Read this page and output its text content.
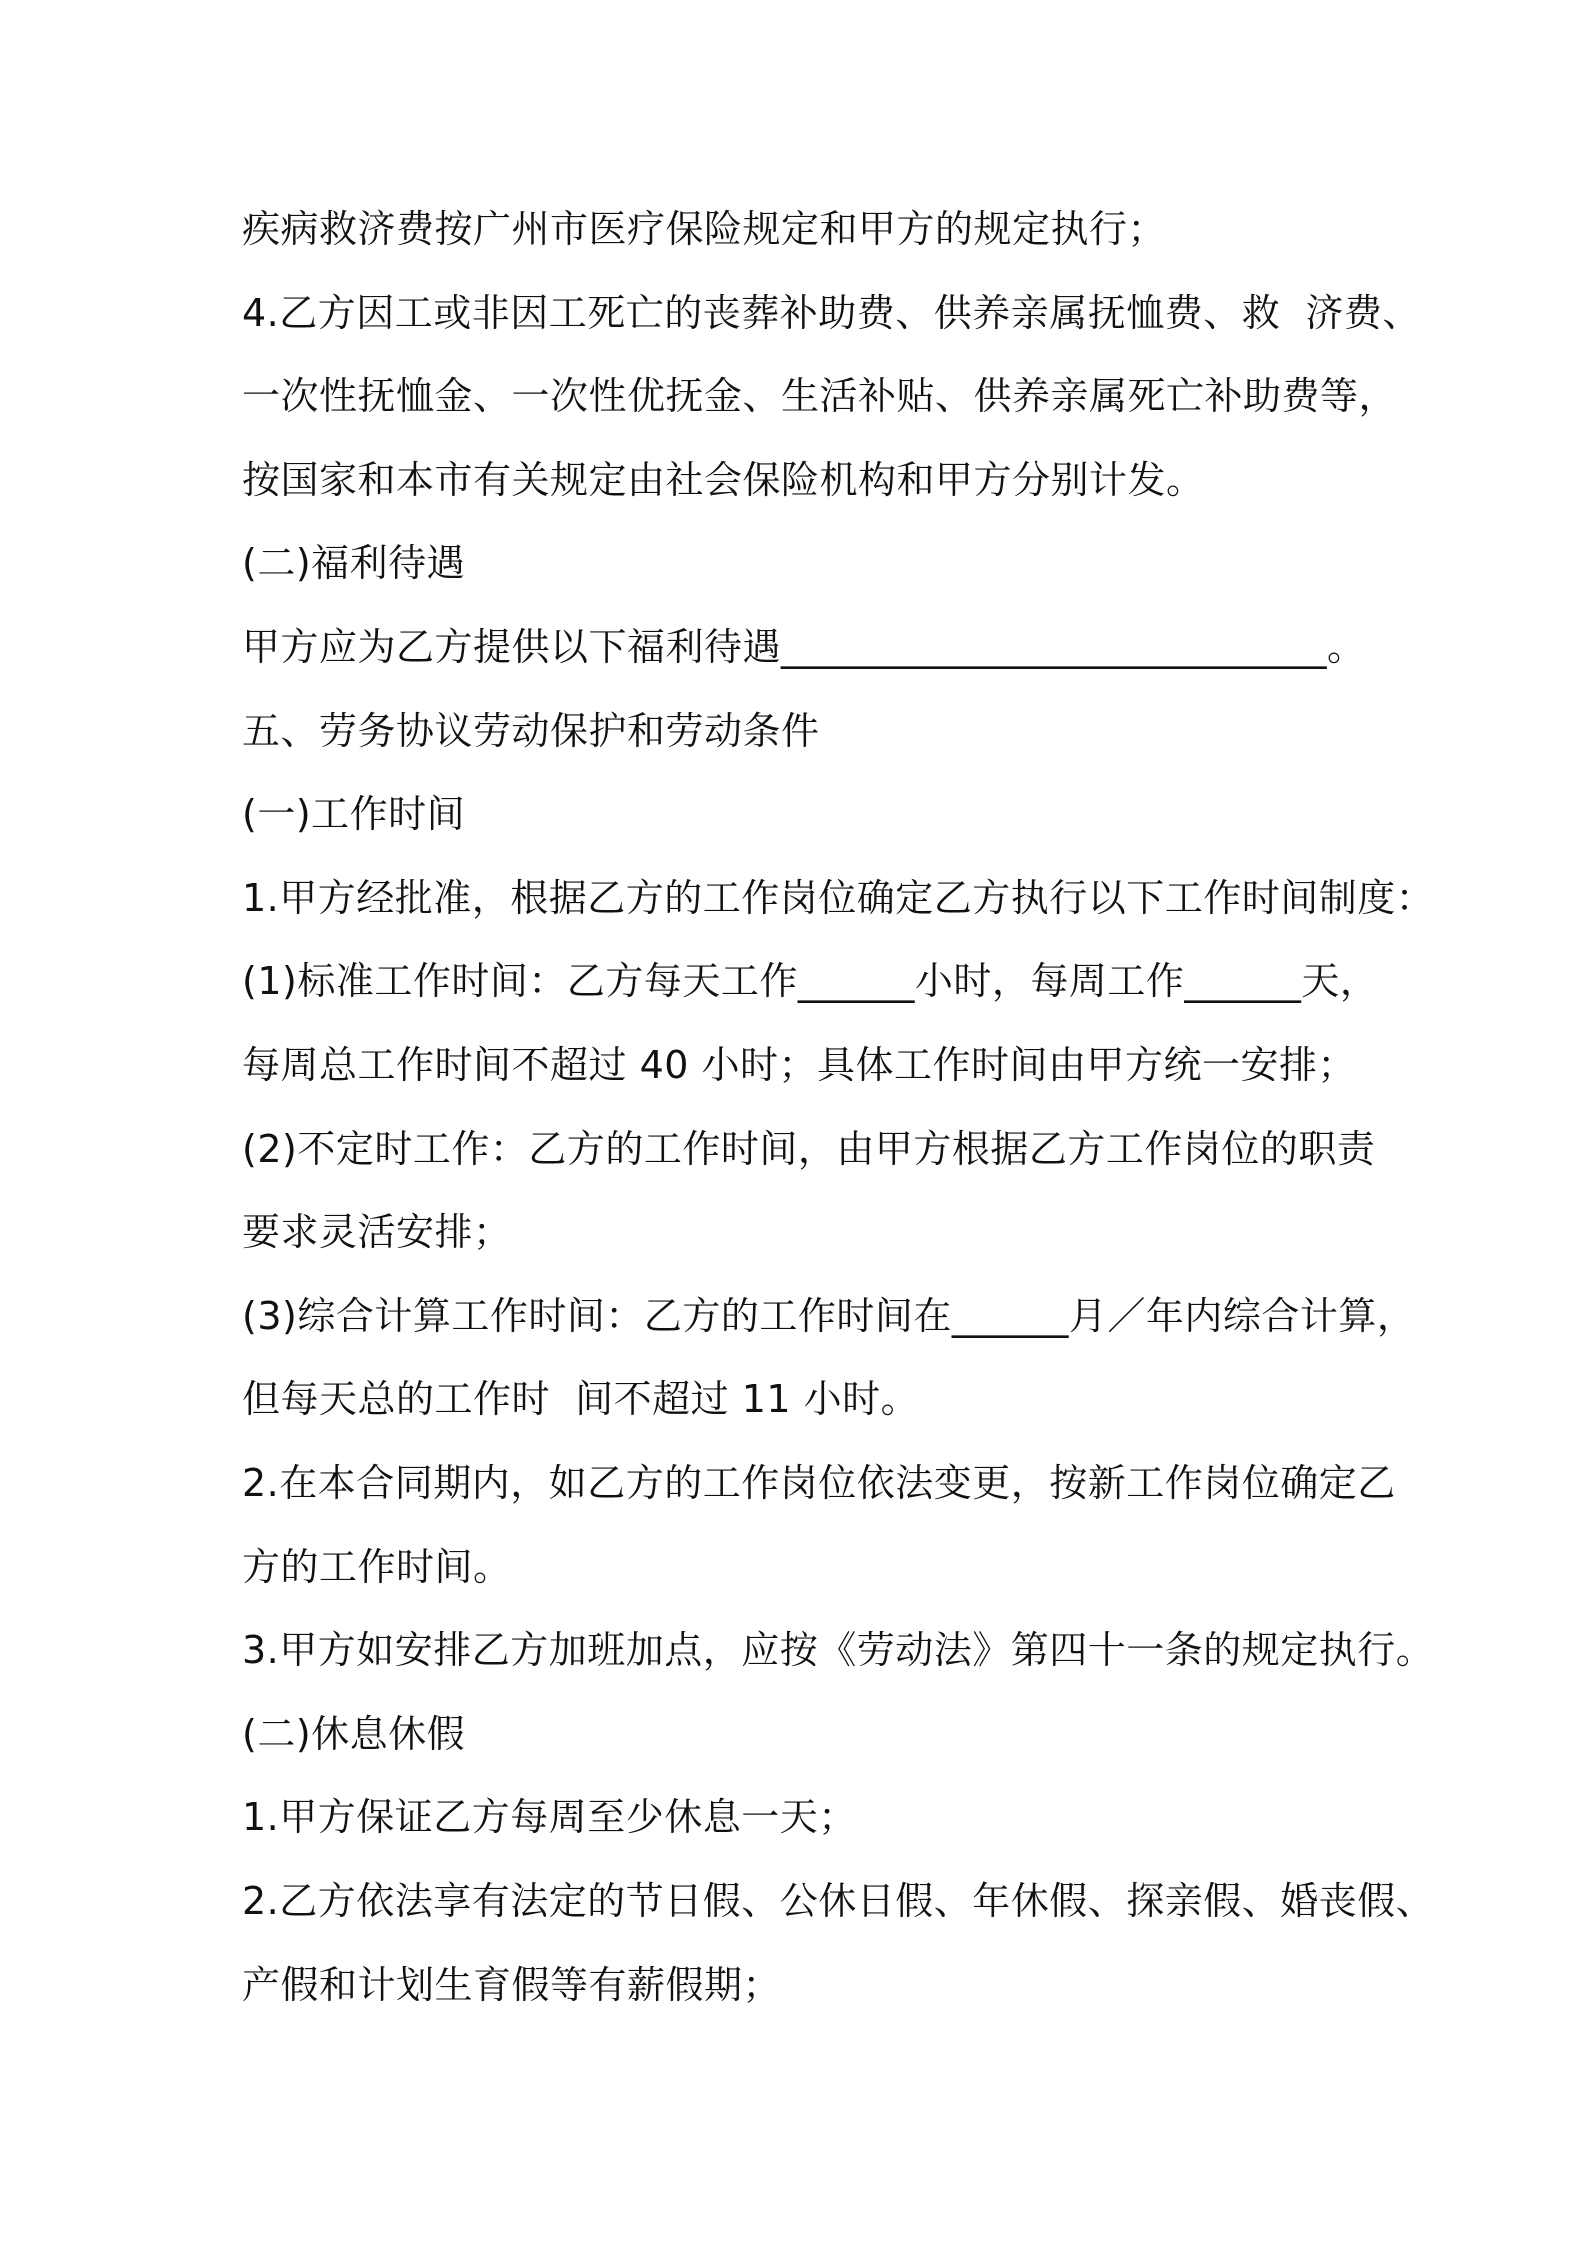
疾病救济费按广州市医疗保险规定和甲方的规定执行；
4.乙方因工或非因工死亡的丧葬补助费、供养亲属抚恤费、救  济费、
一次性抚恤金、一次性优抚金、生活补贴、供养亲属死亡补助费等，
按国家和本市有关规定由社会保险机构和甲方分别计发。
(二)福利待遇
甲方应为乙方提供以下福利待遇____________________________。
五、劳务协议劳动保护和劳动条件
(一)工作时间
1.甲方经批准，根据乙方的工作岗位确定乙方执行以下工作时间制度：
(1)标准工作时间：乙方每天工作______小时，每周工作______天，
每周总工作时间不超过 40 小时；具体工作时间由甲方统一安排；
(2)不定时工作：乙方的工作时间，由甲方根据乙方工作岗位的职责
要求灵活安排；
(3)综合计算工作时间：乙方的工作时间在______月／年内综合计算，
但每天总的工作时  间不超过 11 小时。
2.在本合同期内，如乙方的工作岗位依法变更，按新工作岗位确定乙
方的工作时间。
3.甲方如安排乙方加班加点，应按《劳动法》第四十一条的规定执行。
(二)休息休假
1.甲方保证乙方每周至少休息一天；
2.乙方依法享有法定的节日假、公休日假、年休假、探亲假、婚丧假、
产假和计划生育假等有薪假期；
